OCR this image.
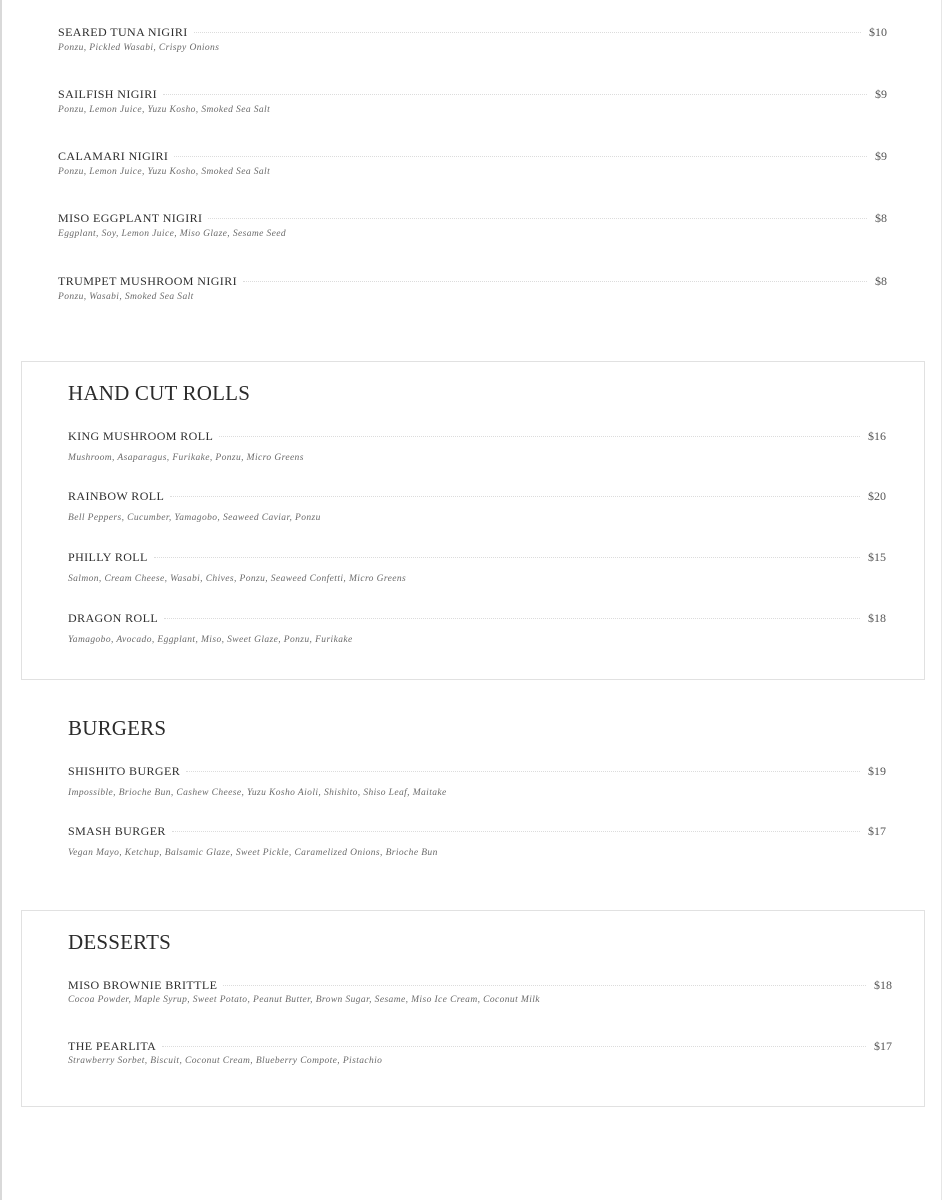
SEARED TUNA NIGIRI	$10
Ponzu, Pickled Wasabi, Crispy Onions
SAILFISH NIGIRI	$9
Ponzu, Lemon Juice, Yuzu Kosho, Smoked Sea Salt
CALAMARI NIGIRI	$9
Ponzu, Lemon Juice, Yuzu Kosho, Smoked Sea Salt
MISO EGGPLANT NIGIRI	$8
Eggplant, Soy, Lemon Juice, Miso Glaze, Sesame Seed
TRUMPET MUSHROOM NIGIRI	$8
Ponzu, Wasabi, Smoked Sea Salt
HAND CUT ROLLS
KING MUSHROOM ROLL	$16
Mushroom, Asaparagus, Furikake, Ponzu, Micro Greens
RAINBOW ROLL	$20
Bell Peppers, Cucumber, Yamagobo, Seaweed Caviar, Ponzu
PHILLY ROLL	$15
Salmon, Cream Cheese, Wasabi, Chives, Ponzu, Seaweed Confetti, Micro Greens
DRAGON ROLL	$18
Yamagobo, Avocado, Eggplant, Miso, Sweet Glaze, Ponzu, Furikake
BURGERS
SHISHITO BURGER	$19
Impossible, Brioche Bun, Cashew Cheese, Yuzu Kosho Aioli, Shishito, Shiso Leaf, Maitake
SMASH BURGER	$17
Vegan Mayo, Ketchup, Balsamic Glaze, Sweet Pickle, Caramelized Onions, Brioche Bun
DESSERTS
MISO BROWNIE BRITTLE	$18
Cocoa Powder, Maple Syrup, Sweet Potato, Peanut Butter, Brown Sugar, Sesame, Miso Ice Cream, Coconut Milk
THE PEARLITA	$17
Strawberry Sorbet, Biscuit, Coconut Cream, Blueberry Compote, Pistachio
